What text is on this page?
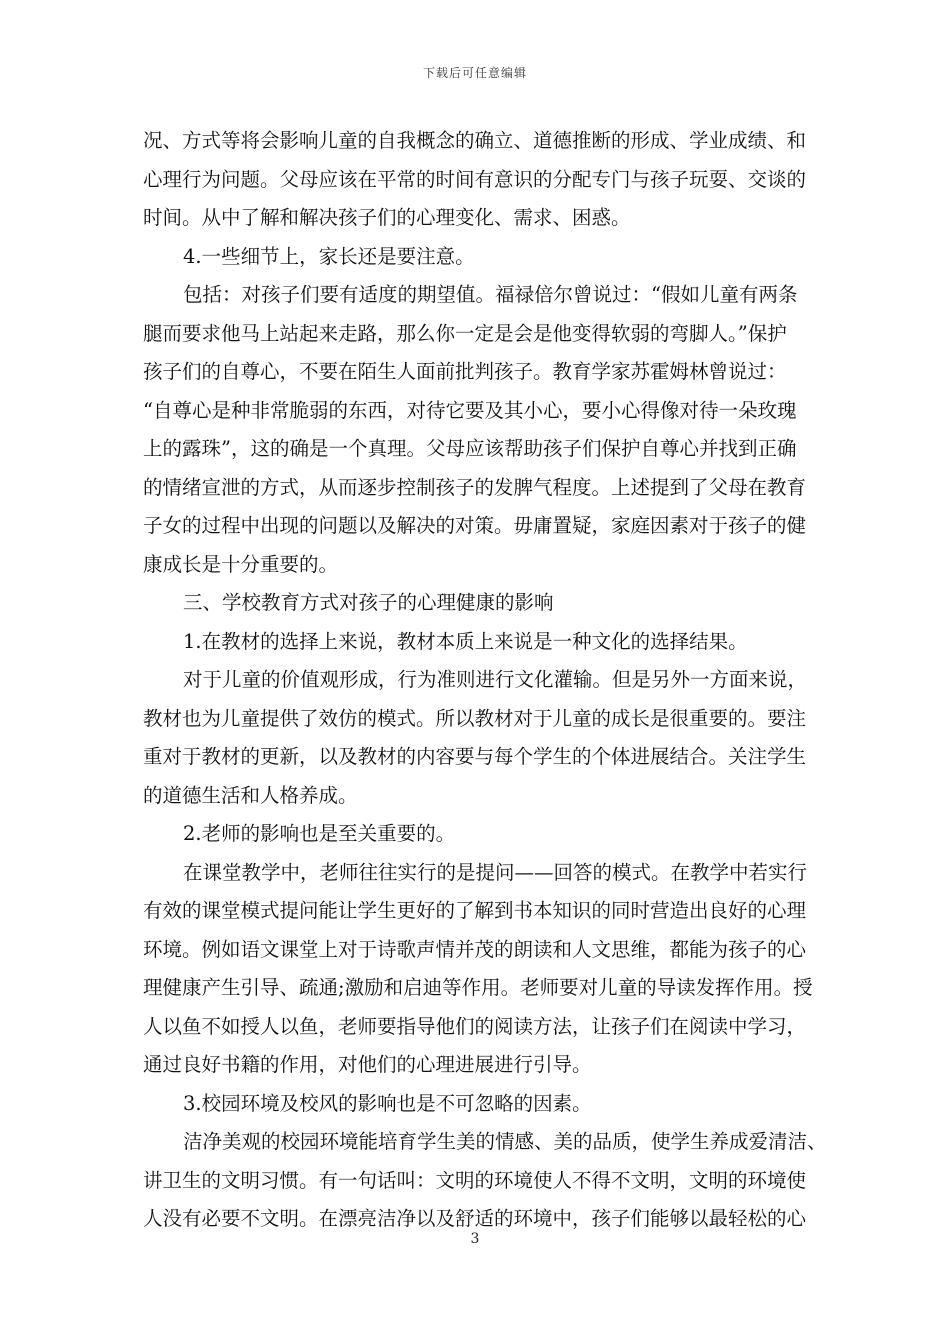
下载后可任意编辑
况、方式等将会影响儿童的自我概念的确立、道德推断的形成、学业成绩、和
心理行为问题。父母应该在平常的时间有意识的分配专门与孩子玩耍、交谈的
时间。从中了解和解决孩子们的心理变化、需求、困惑。
4.一些细节上，家长还是要注意。
包括：对孩子们要有适度的期望值。福禄倍尔曾说过：“假如儿童有两条
腿而要求他马上站起来走路，那么你一定是会是他变得软弱的弯脚人。”保护
孩子们的自尊心，不要在陌生人面前批判孩子。教育学家苏霍姆林曾说过：
“自尊心是种非常脆弱的东西，对待它要及其小心，要小心得像对待一朵玫瑰
上的露珠”，这的确是一个真理。父母应该帮助孩子们保护自尊心并找到正确
的情绪宣泄的方式，从而逐步控制孩子的发脾气程度。上述提到了父母在教育
子女的过程中出现的问题以及解决的对策。毋庸置疑，家庭因素对于孩子的健
康成长是十分重要的。
三、学校教育方式对孩子的心理健康的影响
1.在教材的选择上来说，教材本质上来说是一种文化的选择结果。
对于儿童的价值观形成，行为准则进行文化灌输。但是另外一方面来说，
教材也为儿童提供了效仿的模式。所以教材对于儿童的成长是很重要的。要注
重对于教材的更新，以及教材的内容要与每个学生的个体进展结合。关注学生
的道德生活和人格养成。
2.老师的影响也是至关重要的。
在课堂教学中，老师往往实行的是提问——回答的模式。在教学中若实行
有效的课堂模式提问能让学生更好的了解到书本知识的同时营造出良好的心理
环境。例如语文课堂上对于诗歌声情并茂的朗读和人文思维，都能为孩子的心
理健康产生引导、疏通;激励和启迪等作用。老师要对儿童的导读发挥作用。授
人以鱼不如授人以鱼，老师要指导他们的阅读方法，让孩子们在阅读中学习，
通过良好书籍的作用，对他们的心理进展进行引导。
3.校园环境及校风的影响也是不可忽略的因素。
洁净美观的校园环境能培育学生美的情感、美的品质，使学生养成爱清洁、
讲卫生的文明习惯。有一句话叫：文明的环境使人不得不文明，文明的环境使
人没有必要不文明。在漂亮洁净以及舒适的环境中，孩子们能够以最轻松的心
3
